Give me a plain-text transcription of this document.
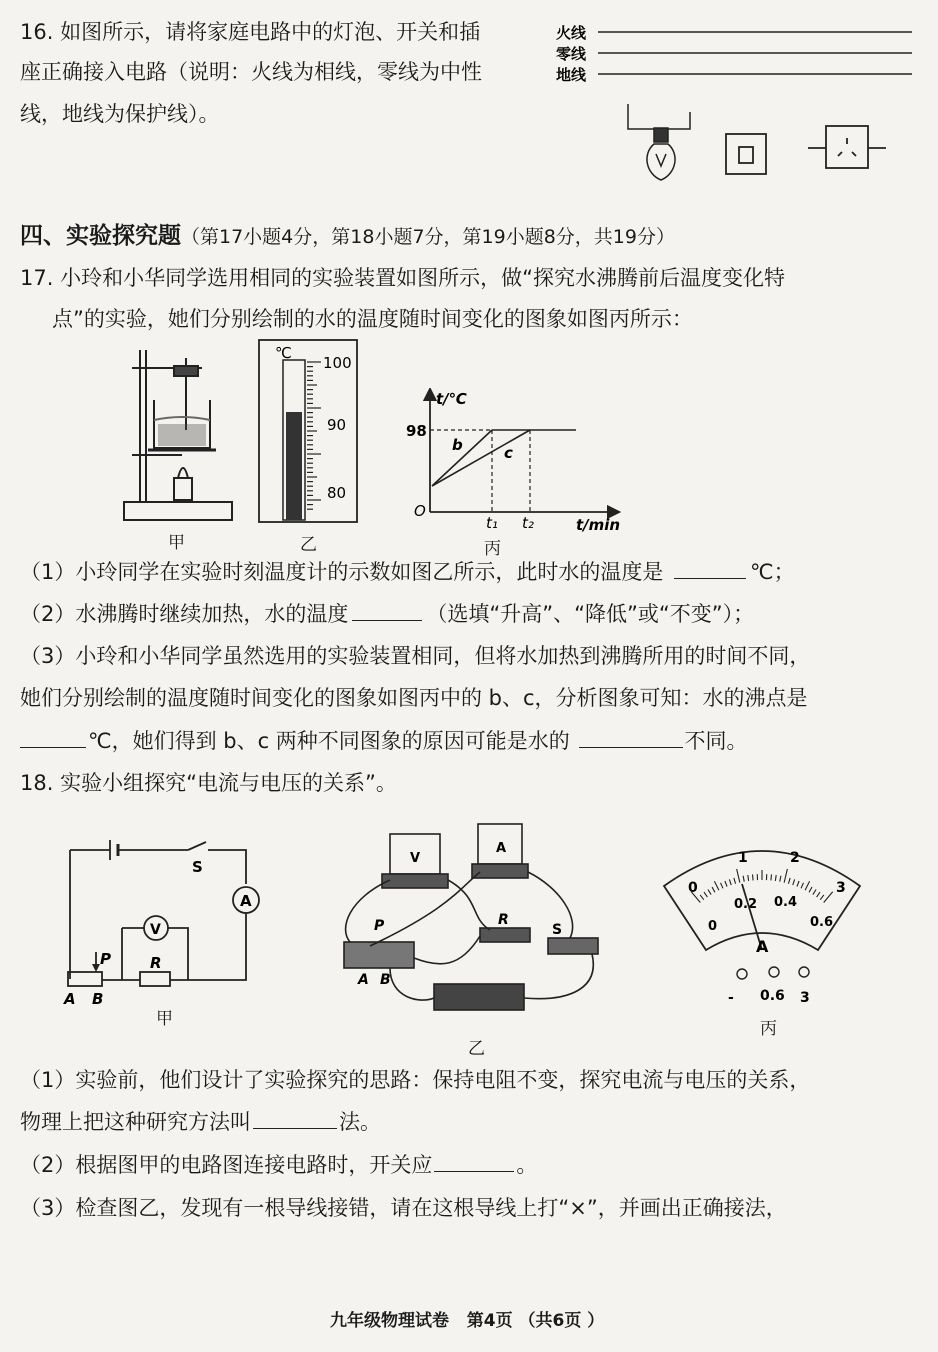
16. 如图所示，请将家庭电路中的灯泡、开关和插
座正确接入电路（说明：火线为相线，零线为中性
线，地线为保护线）。
火线
零线
地线
四、实验探究题（第17小题4分，第18小题7分，第19小题8分，共19分）
17. 小玲和小华同学选用相同的实验装置如图所示，做“探究水沸腾前后温度变化特
点”的实验，她们分别绘制的水的温度随时间变化的图象如图丙所示：
甲
℃
100
90
80
乙
t/℃
t/min
98
O
b	c
t₁ t₂
丙
（1）小玲同学在实验时刻温度计的示数如图乙所示，此时水的温度是	℃；
（2）水沸腾时继续加热，水的温度	（选填“升高”、“降低”或“不变”）；
（3）小玲和小华同学虽然选用的实验装置相同，但将水加热到沸腾所用的时间不同，
她们分别绘制的温度随时间变化的图象如图丙中的 b、c，分析图象可知：水的沸点是
℃，她们得到 b、c 两种不同图象的原因可能是水的	不同。
18. 实验小组探究“电流与电压的关系”。
S
A
V
P	R
A B
甲
V
A
P	R
S
A B
乙
0
1	2
3
0
0.2 0.4
0.6
A
- 0.6 3
丙
（1）实验前，他们设计了实验探究的思路：保持电阻不变，探究电流与电压的关系，
物理上把这种研究方法叫	法。
（2）根据图甲的电路图连接电路时，开关应	。
（3）检查图乙，发现有一根导线接错，请在这根导线上打“×”，并画出正确接法，
九年级物理试卷 第4页 （共6页 ）
